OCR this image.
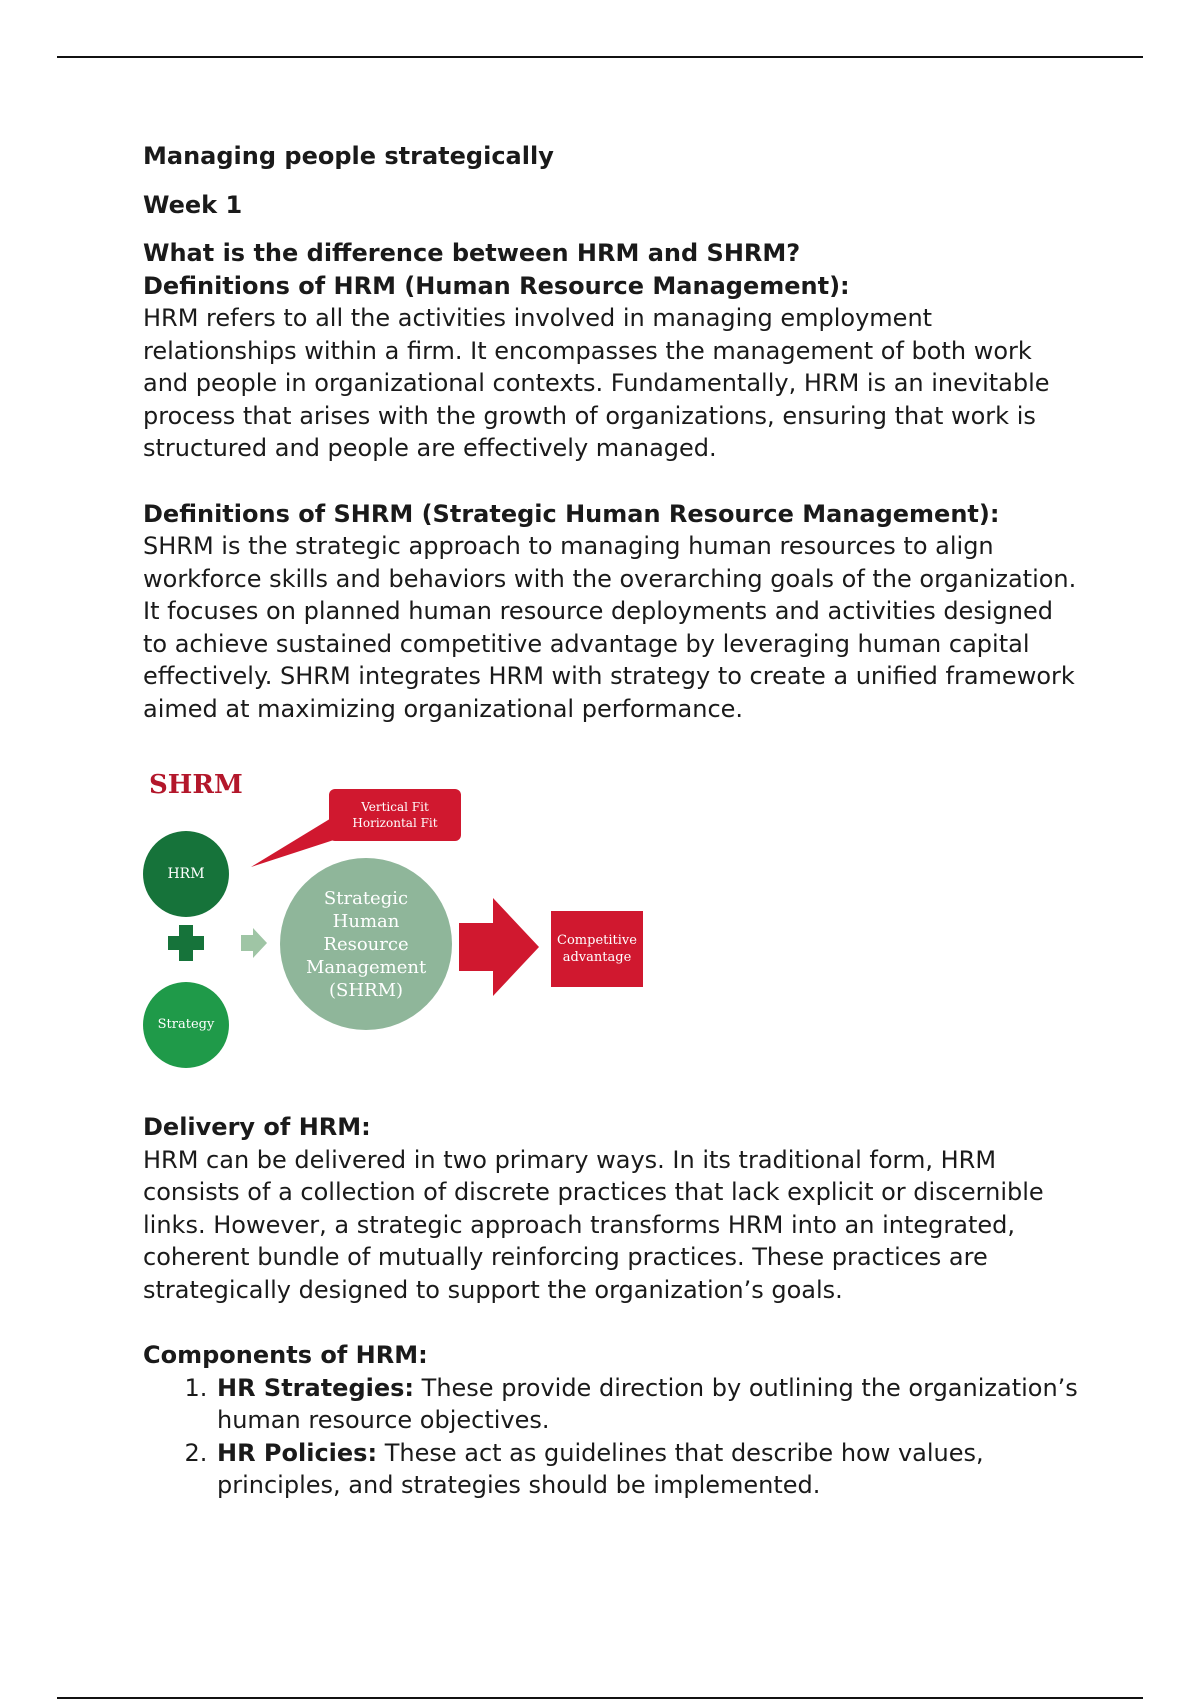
Managing people strategically

Week 1

What is the difference between HRM and SHRM?

Definitions of HRM (Human Resource Management):

HRM refers to all the activities involved in managing employment relationships within a firm. It encompasses the management of both work and people in organizational contexts. Fundamentally, HRM is an inevitable process that arises with the growth of organizations, ensuring that work is structured and people are effectively managed.

Definitions of SHRM (Strategic Human Resource Management):

SHRM is the strategic approach to managing human resources to align workforce skills and behaviors with the overarching goals of the organization. It focuses on planned human resource deployments and activities designed to achieve sustained competitive advantage by leveraging human capital effectively. SHRM integrates HRM with strategy to create a unified framework aimed at maximizing organizational performance.

SHRM
Vertical Fit
Horizontal Fit
HRM
Strategy
Strategic Human Resource Management (SHRM)
Competitive
advantage

Delivery of HRM:

HRM can be delivered in two primary ways. In its traditional form, HRM consists of a collection of discrete practices that lack explicit or discernible links. However, a strategic approach transforms HRM into an integrated, coherent bundle of mutually reinforcing practices. These practices are strategically designed to support the organization’s goals.

Components of HRM:

1. HR Strategies: These provide direction by outlining the organization’s human resource objectives.
2. HR Policies: These act as guidelines that describe how values, principles, and strategies should be implemented.
